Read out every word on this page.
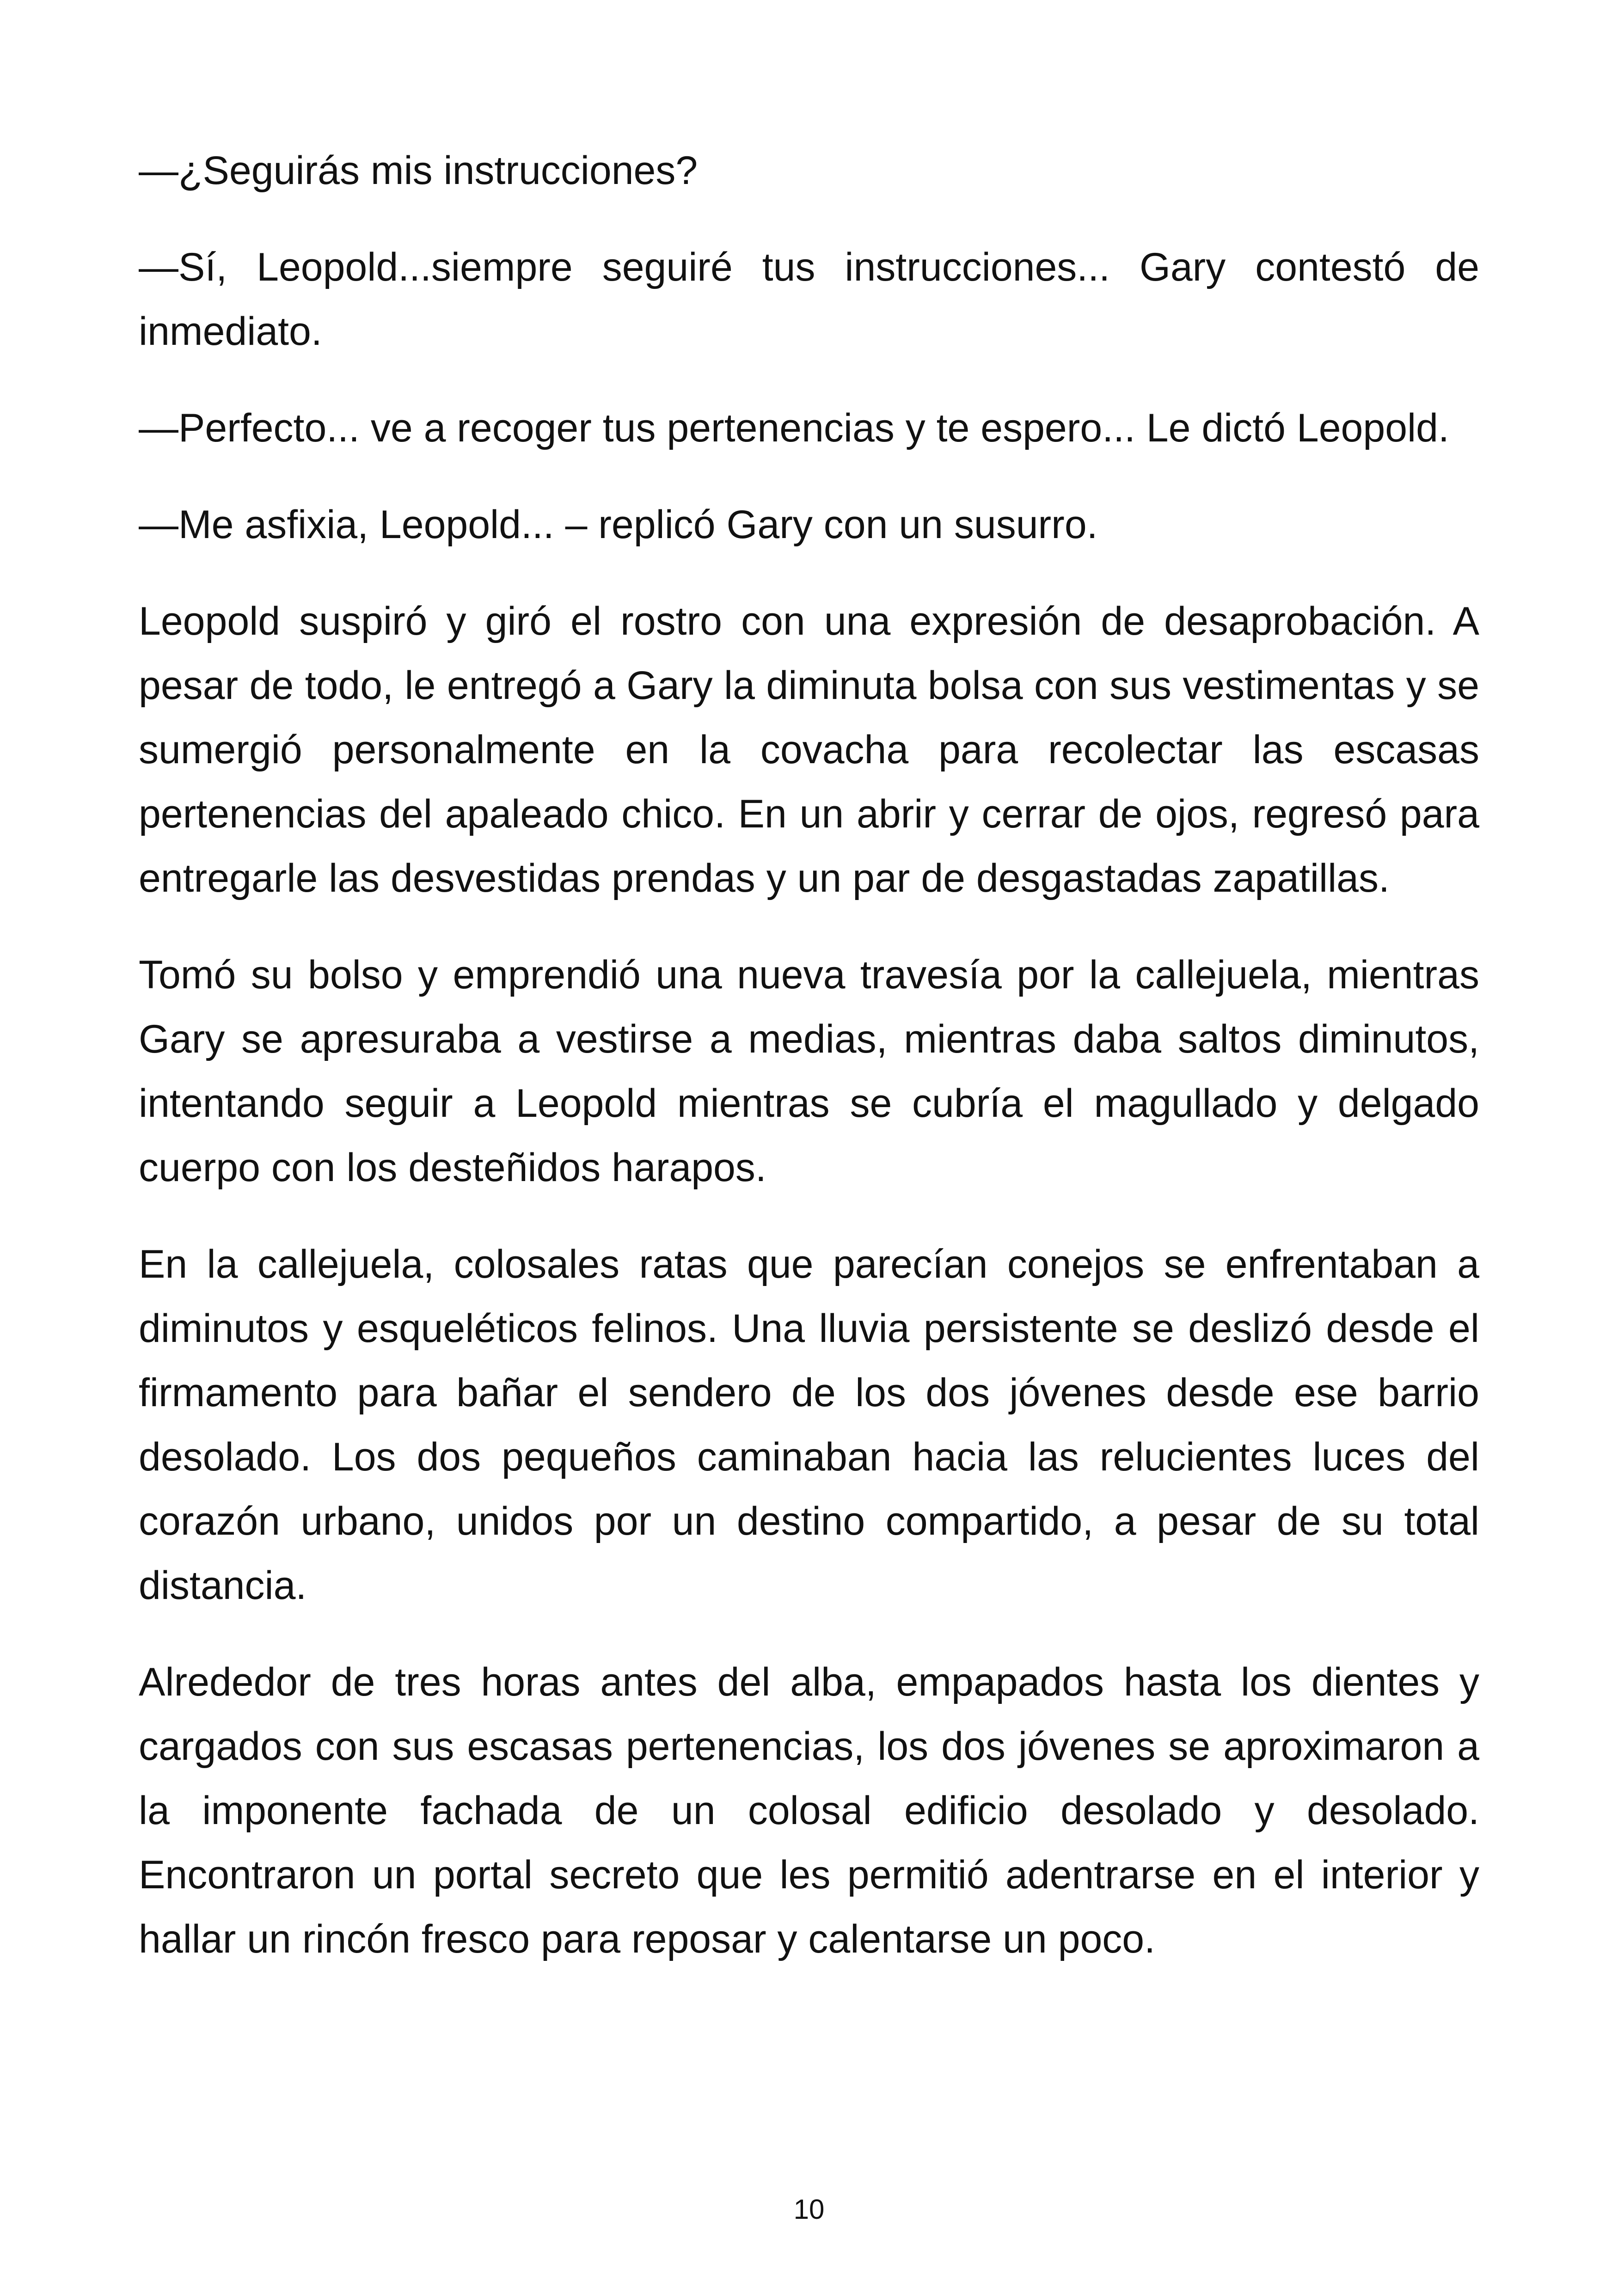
—¿Seguirás mis instrucciones?

—Sí, Leopold...siempre seguiré tus instrucciones... Gary contestó de inmediato.

—Perfecto... ve a recoger tus pertenencias y te espero... Le dictó Leopold.

—Me asfixia, Leopold... – replicó Gary con un susurro.

Leopold suspiró y giró el rostro con una expresión de desaprobación. A pesar de todo, le entregó a Gary la diminuta bolsa con sus vestimentas y se sumergió personalmente en la covacha para recolectar las escasas pertenencias del apaleado chico. En un abrir y cerrar de ojos, regresó para entregarle las desvestidas prendas y un par de desgastadas zapatillas.

Tomó su bolso y emprendió una nueva travesía por la callejuela, mientras Gary se apresuraba a vestirse a medias, mientras daba saltos diminutos, intentando seguir a Leopold mientras se cubría el magullado y delgado cuerpo con los desteñidos harapos.

En la callejuela, colosales ratas que parecían conejos se enfrentaban a diminutos y esqueléticos felinos. Una lluvia persistente se deslizó desde el firmamento para bañar el sendero de los dos jóvenes desde ese barrio desolado. Los dos pequeños caminaban hacia las relucientes luces del corazón urbano, unidos por un destino compartido, a pesar de su total distancia.

Alrededor de tres horas antes del alba, empapados hasta los dientes y cargados con sus escasas pertenencias, los dos jóvenes se aproximaron a la imponente fachada de un colosal edificio desolado y desolado. Encontraron un portal secreto que les permitió adentrarse en el interior y hallar un rincón fresco para reposar y calentarse un poco.

10
